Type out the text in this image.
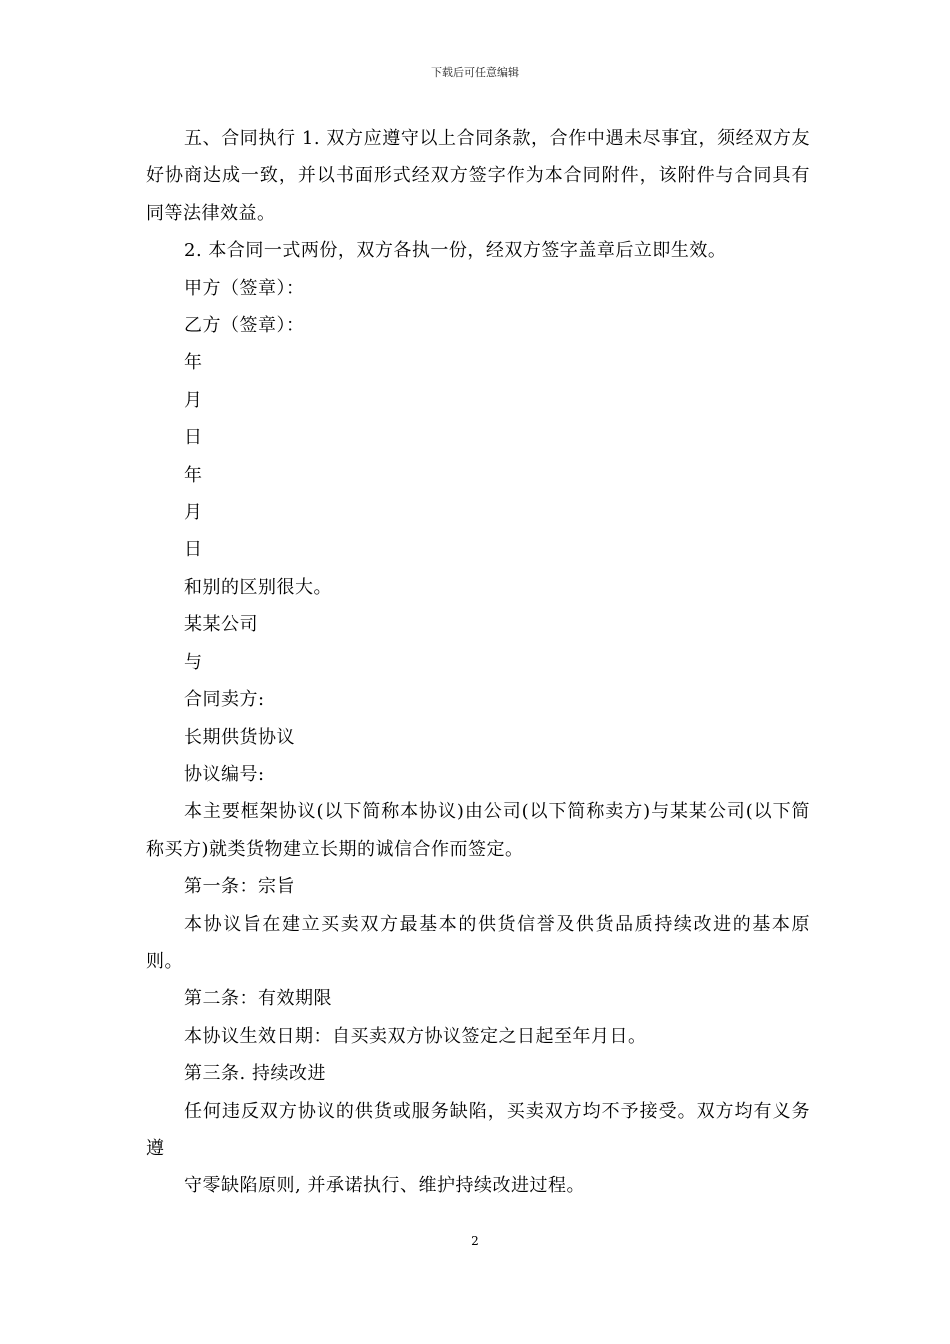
下载后可任意编辑

五、合同执行 1. 双方应遵守以上合同条款，合作中遇未尽事宜，须经双方友好协商达成一致，并以书面形式经双方签字作为本合同附件，该附件与合同具有同等法律效益。

2. 本合同一式两份，双方各执一份，经双方签字盖章后立即生效。

甲方（签章）：

乙方（签章）：

年

月

日

年

月

日

和别的区别很大。

某某公司

与

合同卖方:

长期供货协议

协议编号:

本主要框架协议(以下简称本协议)由公司(以下简称卖方)与某某公司(以下简称买方)就类货物建立长期的诚信合作而签定。

第一条：宗旨

本协议旨在建立买卖双方最基本的供货信誉及供货品质持续改进的基本原则。

第二条：有效期限

本协议生效日期：自买卖双方协议签定之日起至年月日。

第三条. 持续改进

任何违反双方协议的供货或服务缺陷，买卖双方均不予接受。双方均有义务遵

守零缺陷原则, 并承诺执行、维护持续改进过程。

2
